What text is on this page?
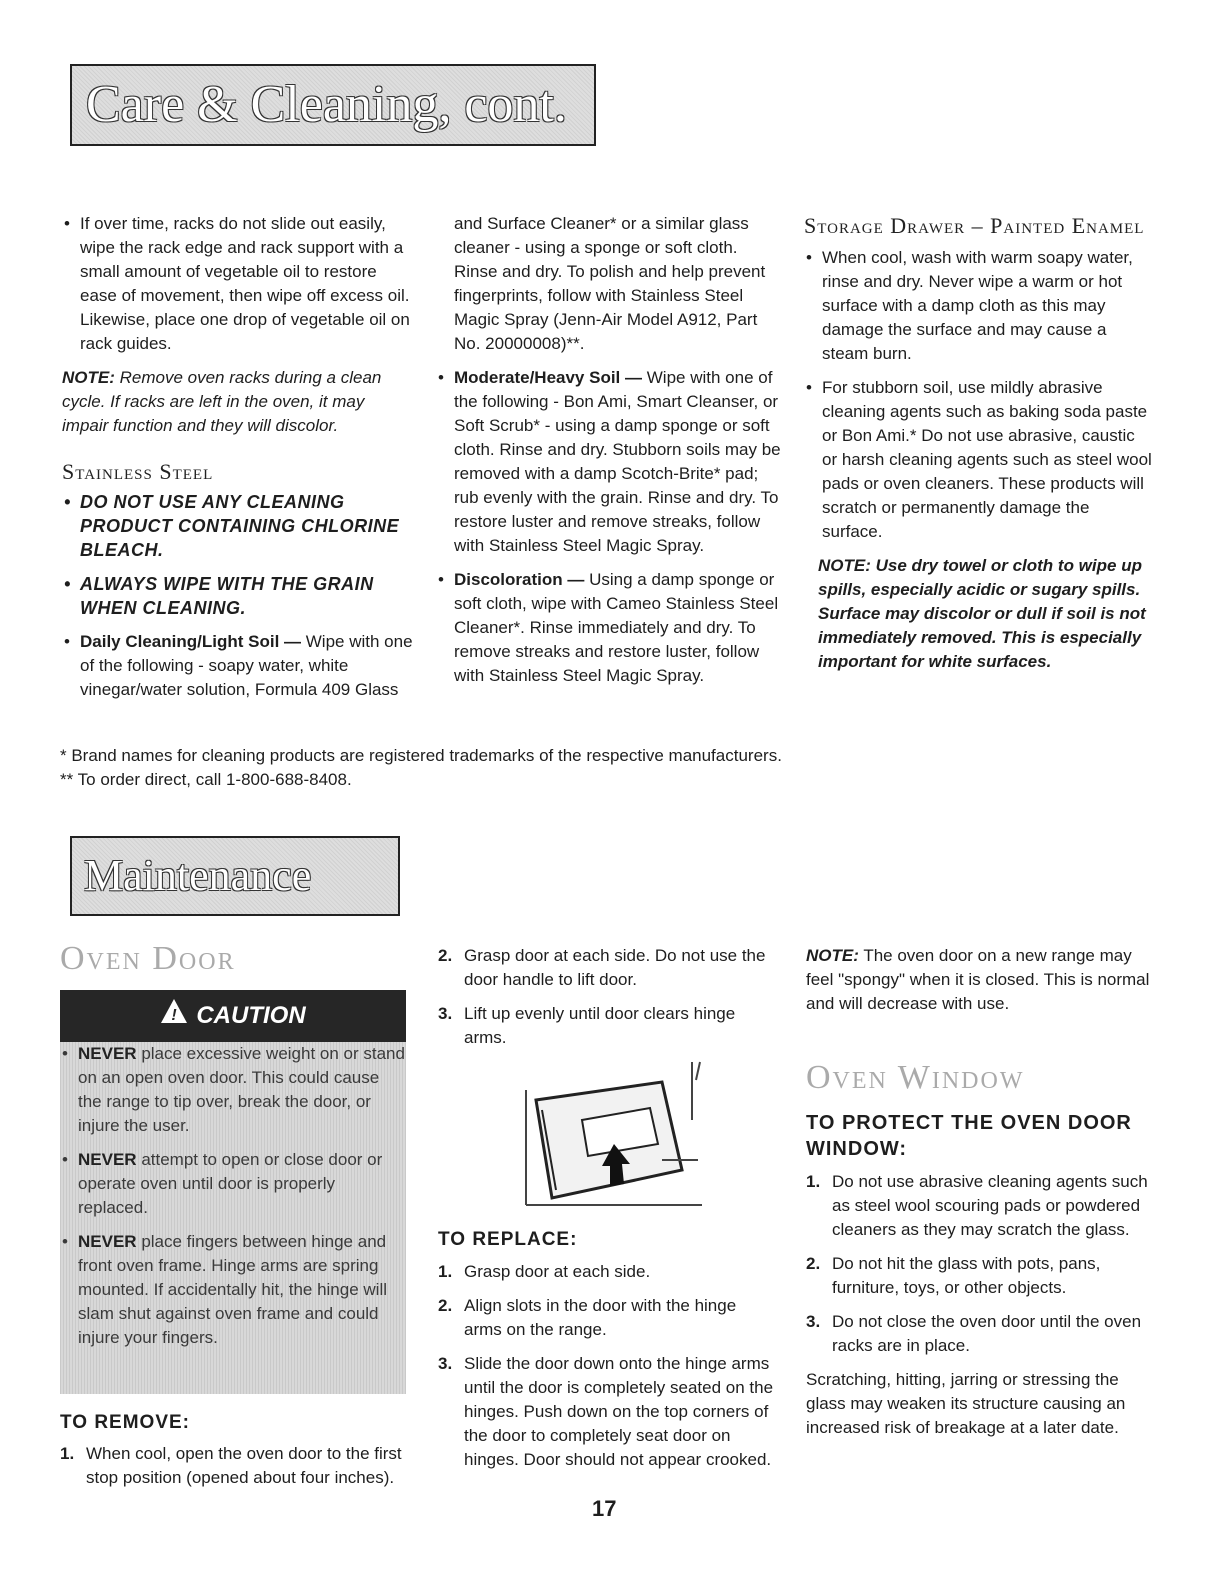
Care & Cleaning, cont.
• If over time, racks do not slide out easily, wipe the rack edge and rack support with a small amount of vegetable oil to restore ease of movement, then wipe off excess oil. Likewise, place one drop of vegetable oil on rack guides.

NOTE: Remove oven racks during a clean cycle. If racks are left in the oven, it may impair function and they will discolor.

Stainless Steel
• DO NOT USE ANY CLEANING PRODUCT CONTAINING CHLORINE BLEACH.
• ALWAYS WIPE WITH THE GRAIN WHEN CLEANING.
• Daily Cleaning/Light Soil — Wipe with one of the following - soapy water, white vinegar/water solution, Formula 409 Glass

and Surface Cleaner* or a similar glass cleaner - using a sponge or soft cloth. Rinse and dry. To polish and help prevent fingerprints, follow with Stainless Steel Magic Spray (Jenn-Air Model A912, Part No. 20000008)**.

• Moderate/Heavy Soil — Wipe with one of the following - Bon Ami, Smart Cleanser, or Soft Scrub* - using a damp sponge or soft cloth. Rinse and dry. Stubborn soils may be removed with a damp Scotch-Brite* pad; rub evenly with the grain. Rinse and dry. To restore luster and remove streaks, follow with Stainless Steel Magic Spray.
• Discoloration — Using a damp sponge or soft cloth, wipe with Cameo Stainless Steel Cleaner*. Rinse immediately and dry. To remove streaks and restore luster, follow with Stainless Steel Magic Spray.
Storage Drawer – Painted Enamel
• When cool, wash with warm soapy water, rinse and dry. Never wipe a warm or hot surface with a damp cloth as this may damage the surface and may cause a steam burn.
• For stubborn soil, use mildly abrasive cleaning agents such as baking soda paste or Bon Ami.* Do not use abrasive, caustic or harsh cleaning agents such as steel wool pads or oven cleaners. These products will scratch or permanently damage the surface.

NOTE: Use dry towel or cloth to wipe up spills, especially acidic or sugary spills. Surface may discolor or dull if soil is not immediately removed. This is especially important for white surfaces.

* Brand names for cleaning products are registered trademarks of the respective manufacturers.
** To order direct, call 1-800-688-8408.
Maintenance
Oven Door
! CAUTION
• NEVER place excessive weight on or stand on an open oven door. This could cause the range to tip over, break the door, or injure the user.
• NEVER attempt to open or close door or operate oven until door is properly replaced.
• NEVER place fingers between hinge and front oven frame. Hinge arms are spring mounted. If accidentally hit, the hinge will slam shut against oven frame and could injure your fingers.
TO REMOVE:
1. When cool, open the oven door to the first stop position (opened about four inches).
2. Grasp door at each side. Do not use the door handle to lift door.
3. Lift up evenly until door clears hinge arms.
TO REPLACE:
1. Grasp door at each side.
2. Align slots in the door with the hinge arms on the range.
3. Slide the door down onto the hinge arms until the door is completely seated on the hinges. Push down on the top corners of the door to completely seat door on hinges. Door should not appear crooked.

NOTE: The oven door on a new range may feel "spongy" when it is closed. This is normal and will decrease with use.

Oven Window
TO PROTECT THE OVEN DOOR WINDOW:
1. Do not use abrasive cleaning agents such as steel wool scouring pads or powdered cleaners as they may scratch the glass.
2. Do not hit the glass with pots, pans, furniture, toys, or other objects.
3. Do not close the oven door until the oven racks are in place.

Scratching, hitting, jarring or stressing the glass may weaken its structure causing an increased risk of breakage at a later date.

17
